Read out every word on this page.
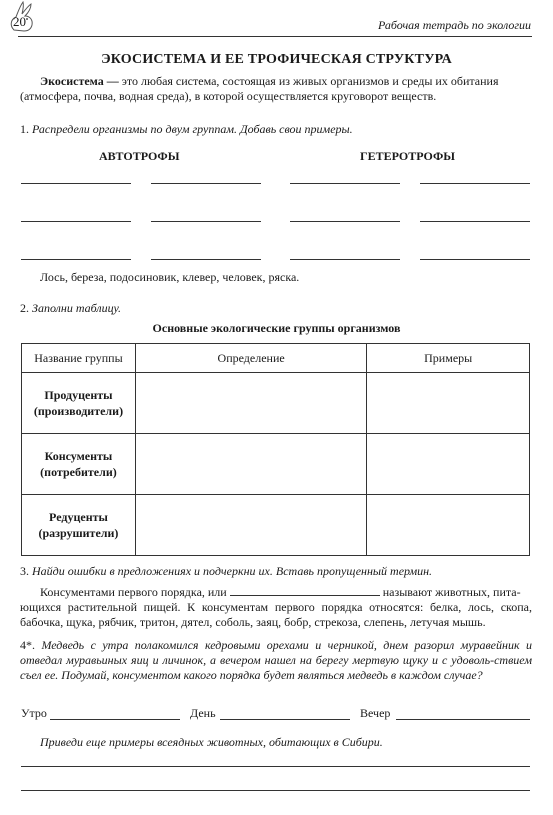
20	Рабочая тетрадь по экологии
ЭКОСИСТЕМА И ЕЕ ТРОФИЧЕСКАЯ СТРУКТУРА
Экосистема — это любая система, состоящая из живых организмов и среды их обитания (атмосфера, почва, водная среда), в которой осуществляется круговорот веществ.
1. Распредели организмы по двум группам. Добавь свои примеры.
АВТОТРОФЫ	ГЕТЕРОТРОФЫ
Лось, береза, подосиновик, клевер, человек, ряска.
2. Заполни таблицу.
Основные экологические группы организмов
Название группы	Определение	Примеры
Продуценты
(производители)		
Консументы
(потребители)		
Редуценты
(разрушители)		
3. Найди ошибки в предложениях и подчеркни их. Вставь пропущенный термин.
Консументами первого порядка, или	называют животных, пита-
ющихся растительной пищей. К консументам первого порядка относятся: белка, лось, скопа, бабочка, щука, рябчик, тритон, дятел, соболь, заяц, бобр, стрекоза, слепень, летучая мышь.
4*. Медведь с утра полакомился кедровыми орехами и черникой, днем разорил муравейник и отведал муравьиных яиц и личинок, а вечером нашел на берегу мертвую щуку и с удоволь-ствием съел ее. Подумай, консументом какого порядка будет являться медведь в каждом случае?
Утро	День	Вечер
Приведи еще примеры всеядных животных, обитающих в Сибири.
